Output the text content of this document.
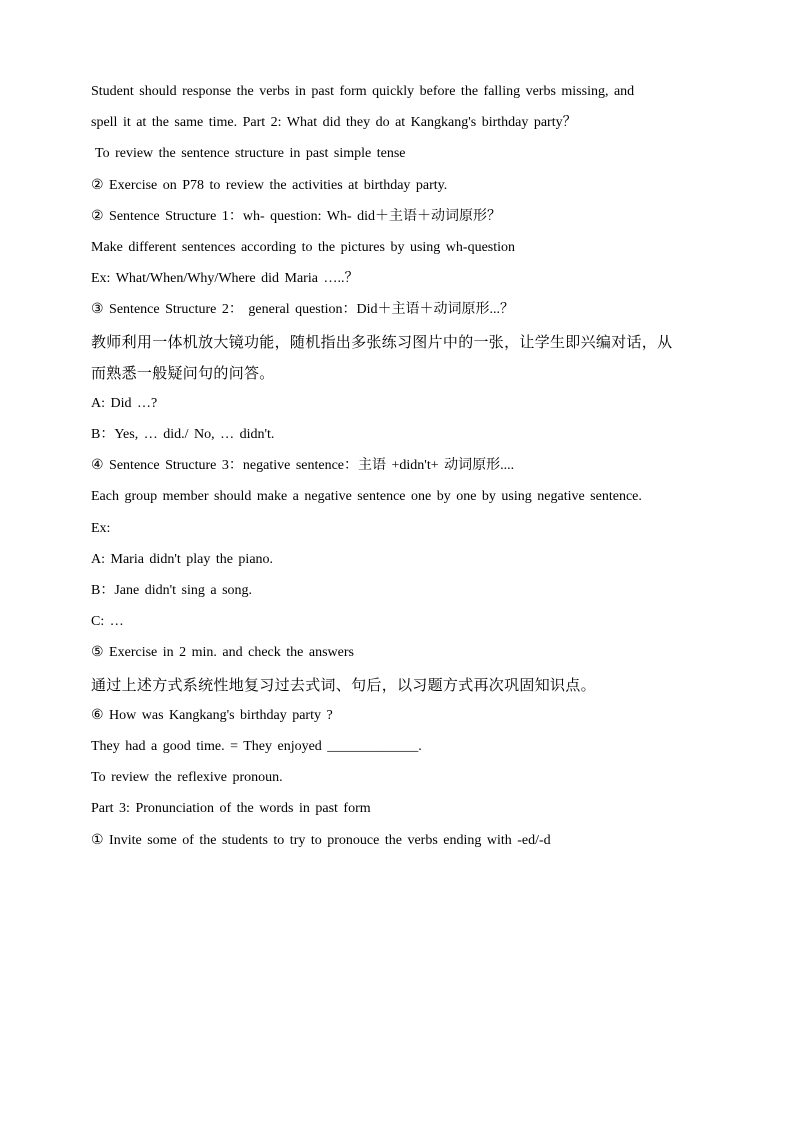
Student should response the verbs in past form quickly before the falling verbs missing, and
spell it at the same time. Part 2: What did they do at Kangkang's birthday party？
To review the sentence structure in past simple tense
② Exercise on P78 to review the activities at birthday party.
② Sentence Structure 1：wh- question: Wh- did＋主语＋动词原形？
Make different sentences according to the pictures by using wh-question
Ex: What/When/Why/Where did Maria …..？
③ Sentence Structure 2： general question：Did＋主语＋动词原形...？
教师利用一体机放大镜功能，随机指出多张练习图片中的一张，让学生即兴编对话，从
而熟悉一般疑问句的问答。
A: Did …?
B：Yes, … did./ No, … didn't.
④ Sentence Structure 3：negative sentence：主语 +didn't+ 动词原形....
Each group member should make a negative sentence one by one by using negative sentence.
Ex:
A: Maria didn't play the piano.
B：Jane didn't sing a song.
C: …
⑤ Exercise in 2 min. and check the answers
通过上述方式系统性地复习过去式词、句后，以习题方式再次巩固知识点。
⑥ How was Kangkang's birthday party ?
They had a good time. = They enjoyed _____________.
To review the reflexive pronoun.
Part 3: Pronunciation of the words in past form
① Invite some of the students to try to pronouce the verbs ending with -ed/-d
